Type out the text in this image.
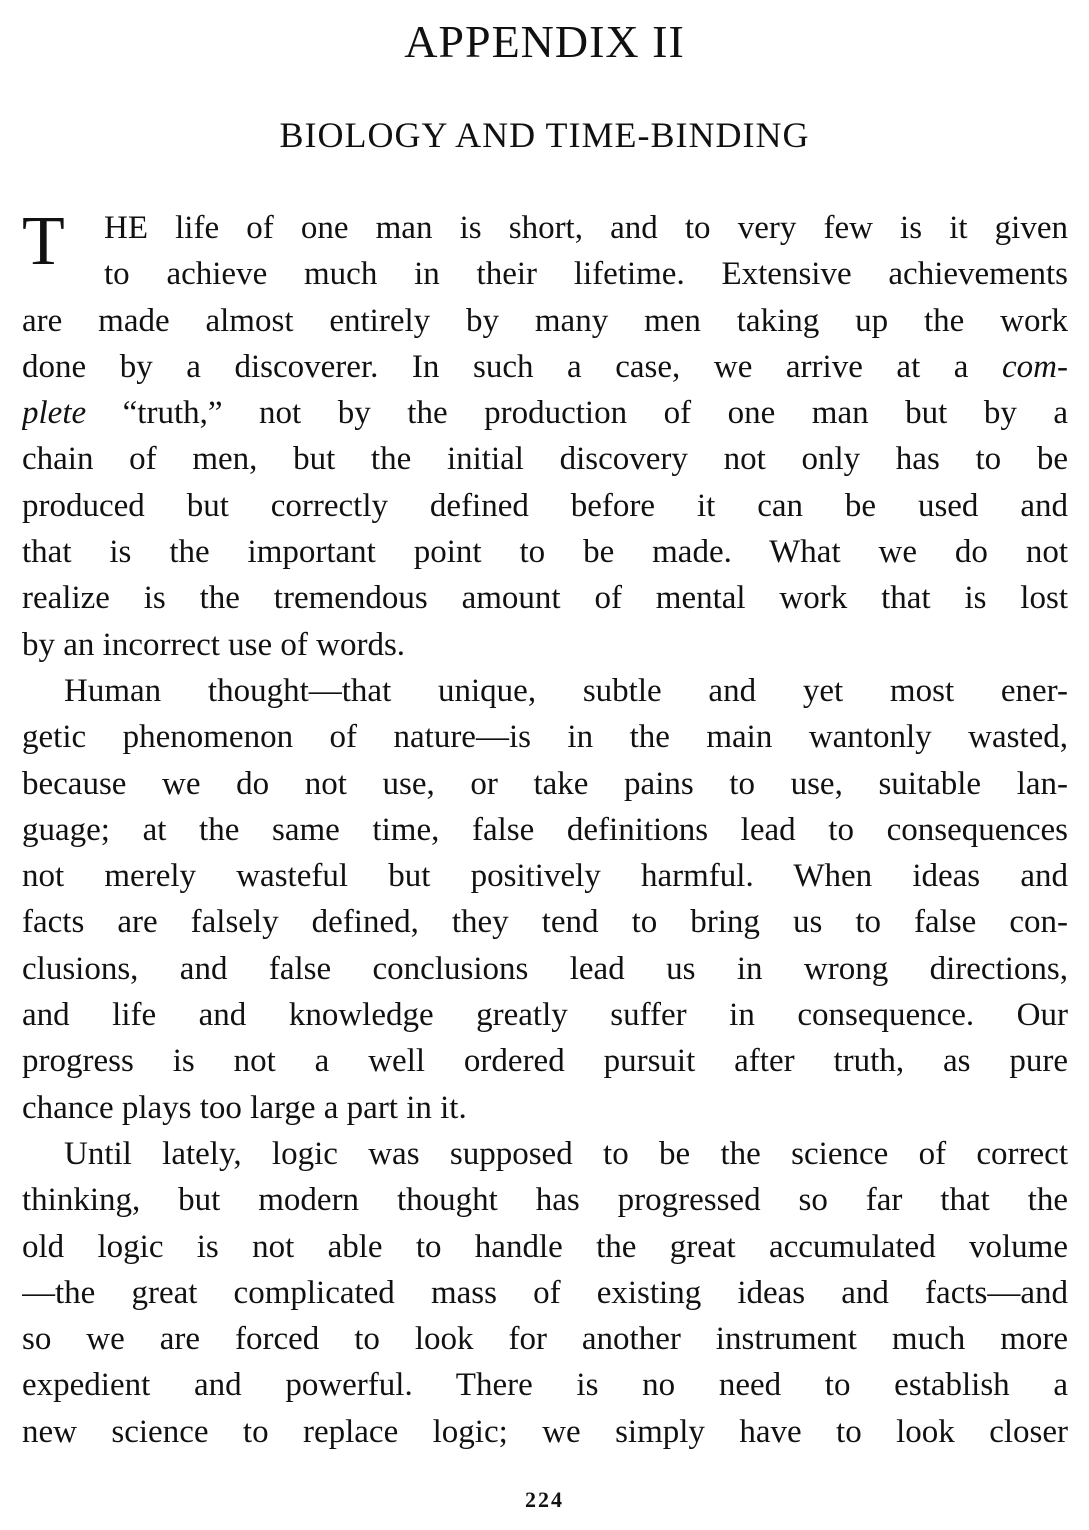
APPENDIX II
BIOLOGY AND TIME-BINDING
T	HE life of one man is short, and to very few is it given
to achieve much in their lifetime. Extensive achievements
are made almost entirely by many men taking up the work
done by a discoverer. In such a case, we arrive at a com-
plete “truth,” not by the production of one man but by a
chain of men, but the initial discovery not only has to be
produced but correctly defined before it can be used and
that is the important point to be made. What we do not
realize is the tremendous amount of mental work that is lost
by an incorrect use of words.
Human thought—that unique, subtle and yet most ener-
getic phenomenon of nature—is in the main wantonly wasted,
because we do not use, or take pains to use, suitable lan-
guage; at the same time, false definitions lead to consequences
not merely wasteful but positively harmful. When ideas and
facts are falsely defined, they tend to bring us to false con-
clusions, and false conclusions lead us in wrong directions,
and life and knowledge greatly suffer in consequence. Our
progress is not a well ordered pursuit after truth, as pure
chance plays too large a part in it.
Until lately, logic was supposed to be the science of correct
thinking, but modern thought has progressed so far that the
old logic is not able to handle the great accumulated volume
—the great complicated mass of existing ideas and facts—and
so we are forced to look for another instrument much more
expedient and powerful. There is no need to establish a
new science to replace logic; we simply have to look closer
224
